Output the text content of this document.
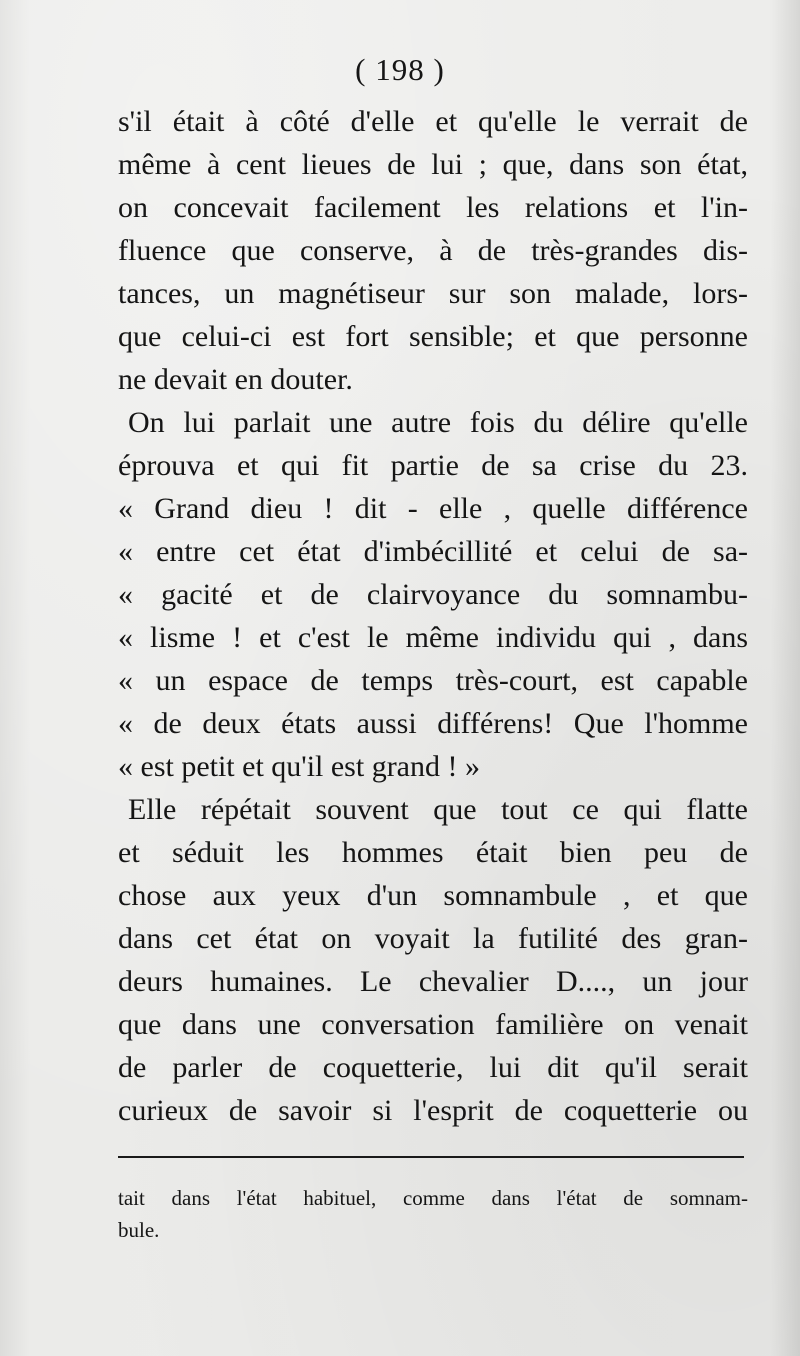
( 198 )
s'il était à côté d'elle et qu'elle le verrait de
même à cent lieues de lui ; que, dans son état,
on concevait facilement les relations et l'in-
fluence que conserve, à de très-grandes dis-
tances, un magnétiseur sur son malade, lors-
que celui-ci est fort sensible; et que personne
ne devait en douter.
On lui parlait une autre fois du délire qu'elle
éprouva et qui fit partie de sa crise du 23.
« Grand dieu ! dit - elle , quelle différence
« entre cet état d'imbécillité et celui de sa-
« gacité et de clairvoyance du somnambu-
« lisme ! et c'est le même individu qui , dans
« un espace de temps très-court, est capable
« de deux états aussi différens! Que l'homme
« est petit et qu'il est grand ! »
Elle répétait souvent que tout ce qui flatte
et séduit les hommes était bien peu de
chose aux yeux d'un somnambule , et que
dans cet état on voyait la futilité des gran-
deurs humaines. Le chevalier D...., un jour
que dans une conversation familière on venait
de parler de coquetterie, lui dit qu'il serait
curieux de savoir si l'esprit de coquetterie ou
tait dans l'état habituel, comme dans l'état de somnam-
bule.
